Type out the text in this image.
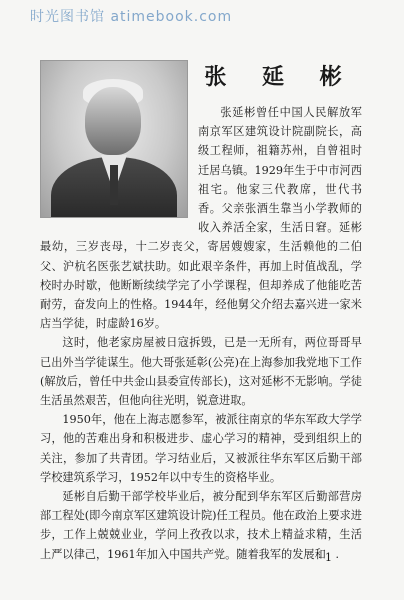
时光图书馆 atimebook.com
张 延 彬

张延彬曾任中国人民解放军南京军区建筑设计院副院长，高级工程师，祖籍苏州，自曾祖时迁居乌镇。1929年生于中市河西祖宅。他家三代教席，世代书香。父亲张酒生靠当小学教师的收入养活全家，生活日窘。延彬最幼，三岁丧母，十二岁丧父，寄居嫂嫂家，生活赖他的二伯父、沪杭名医张艺斌扶助。如此艰辛条件，再加上时值战乱，学校时办时歇，他断断续续学完了小学课程，但却养成了他能吃苦耐劳，奋发向上的性格。1944年，经他舅父介绍去嘉兴进一家米店当学徒，时虚龄16岁。

这时，他老家房屋被日寇拆毁，已是一无所有，两位哥哥早已出外当学徒谋生。他大哥张延彰(公亮)在上海参加我党地下工作(解放后，曾任中共金山县委宣传部长)，这对延彬不无影响。学徒生活虽然艰苦，但他向往光明，锐意进取。

1950年，他在上海志愿参军，被派往南京的华东军政大学学习，他的苦难出身和积极进步、虚心学习的精神，受到组织上的关注，参加了共青团。学习结业后，又被派往华东军区后勤干部学校建筑系学习，1952年以中专生的资格毕业。

延彬自后勤干部学校毕业后，被分配到华东军区后勤部营房部工程处(即今南京军区建筑设计院)任工程员。他在政治上要求进步，工作上兢兢业业，学问上孜孜以求，技术上精益求精，生活上严以律己，1961年加入中国共产党。随着我军的发展和

· 1 ·
